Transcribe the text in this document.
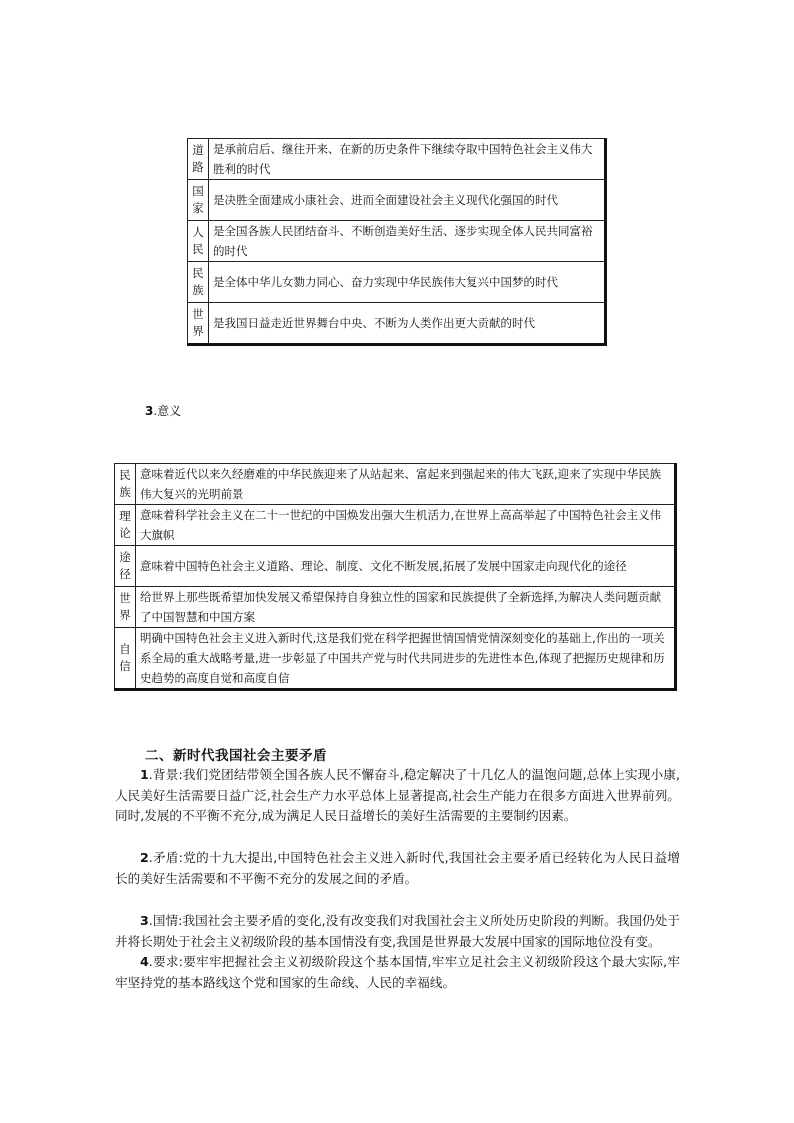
道
路	是承前启后、继往开来、在新的历史条件下继续夺取中国特色社会主义伟大胜利的时代

国
家	是决胜全面建成小康社会、进而全面建设社会主义现代化强国的时代

人
民	是全国各族人民团结奋斗、不断创造美好生活、逐步实现全体人民共同富裕的时代

民
族	是全体中华儿女勠力同心、奋力实现中华民族伟大复兴中国梦的时代

世
界	是我国日益走近世界舞台中央、不断为人类作出更大贡献的时代
3.意义
民
族	意味着近代以来久经磨难的中华民族迎来了从站起来、富起来到强起来的伟大飞跃,迎来了实现中华民族伟大复兴的光明前景

理
论	意味着科学社会主义在二十一世纪的中国焕发出强大生机活力,在世界上高高举起了中国特色社会主义伟大旗帜

途
径	意味着中国特色社会主义道路、理论、制度、文化不断发展,拓展了发展中国家走向现代化的途径

世
界	给世界上那些既希望加快发展又希望保持自身独立性的国家和民族提供了全新选择,为解决人类问题贡献了中国智慧和中国方案

自
信	明确中国特色社会主义进入新时代,这是我们党在科学把握世情国情党情深刻变化的基础上,作出的一项关系全局的重大战略考量,进一步彰显了中国共产党与时代共同进步的先进性本色,体现了把握历史规律和历史趋势的高度自觉和高度自信
二、新时代我国社会主要矛盾
1.背景:我们党团结带领全国各族人民不懈奋斗,稳定解决了十几亿人的温饱问题,总体上实现小康,人民美好生活需要日益广泛,社会生产力水平总体上显著提高,社会生产能力在很多方面进入世界前列。同时,发展的不平衡不充分,成为满足人民日益增长的美好生活需要的主要制约因素。
2.矛盾:党的十九大提出,中国特色社会主义进入新时代,我国社会主要矛盾已经转化为人民日益增长的美好生活需要和不平衡不充分的发展之间的矛盾。
3.国情:我国社会主要矛盾的变化,没有改变我们对我国社会主义所处历史阶段的判断。我国仍处于并将长期处于社会主义初级阶段的基本国情没有变,我国是世界最大发展中国家的国际地位没有变。
4.要求:要牢牢把握社会主义初级阶段这个基本国情,牢牢立足社会主义初级阶段这个最大实际,牢牢坚持党的基本路线这个党和国家的生命线、人民的幸福线。
